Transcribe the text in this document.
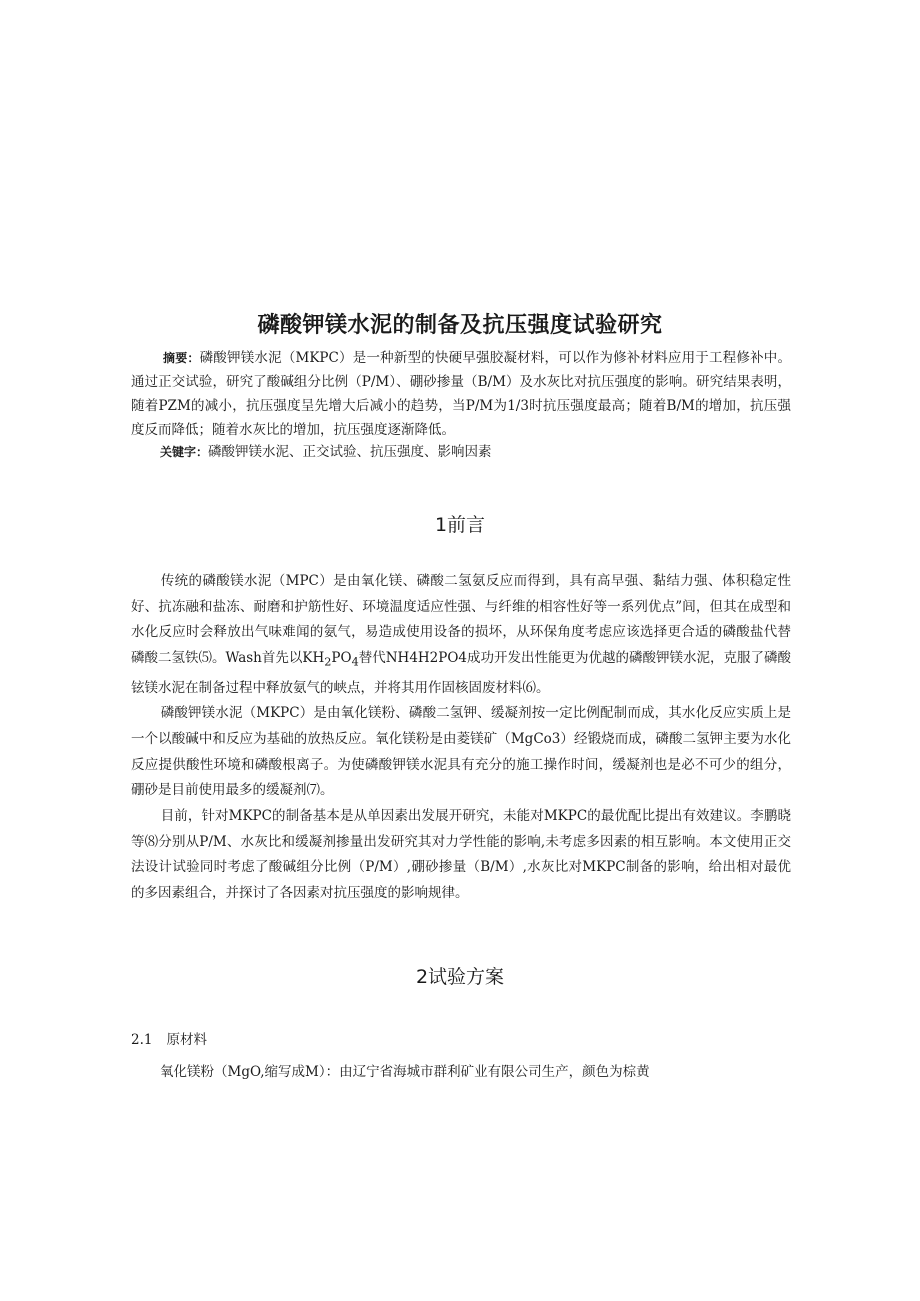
磷酸钾镁水泥的制备及抗压强度试验研究
摘要：磷酸钾镁水泥（MKPC）是一种新型的快硬早强胶凝材料，可以作为修补材料应用于工程修补中。通过正交试验，研究了酸碱组分比例（P/M）、硼砂掺量（B/M）及水灰比对抗压强度的影响。研究结果表明，随着PZM的减小，抗压强度呈先增大后减小的趋势，当P/M为1/3时抗压强度最高；随着B/M的增加，抗压强度反而降低；随着水灰比的增加，抗压强度逐渐降低。
关键字：磷酸钾镁水泥、正交试验、抗压强度、影响因素
1前言

传统的磷酸镁水泥（MPC）是由氧化镁、磷酸二氢氨反应而得到，具有高早强、黏结力强、体积稳定性好、抗冻融和盐冻、耐磨和护筋性好、环境温度适应性强、与纤维的相容性好等一系列优点”闾，但其在成型和水化反应时会释放出气味难闻的氨气，易造成使用设备的损坏，从环保角度考虑应该选择更合适的磷酸盐代替磷酸二氢铁⑸。Wash首先以$KH_2PO_4$替代NH4H2PO4成功开发出性能更为优越的磷酸钾镁水泥，克服了磷酸铉镁水泥在制备过程中释放氨气的峡点，并将其用作固核固废材料⑹。

磷酸钾镁水泥（MKPC）是由氧化镁粉、磷酸二氢钾、缓凝剂按一定比例配制而成，其水化反应实质上是一个以酸碱中和反应为基础的放热反应。氧化镁粉是由菱镁矿（MgCo3）经锻烧而成，磷酸二氢钾主要为水化反应提供酸性环境和磷酸根离子。为使磷酸钾镁水泥具有充分的施工操作时间，缓凝剂也是必不可少的组分，硼砂是目前使用最多的缓凝剂⑺。

目前，针对MKPC的制备基本是从单因素出发展开研究，未能对MKPC的最优配比提出有效建议。李鹏晓等⑻分别从P/M、水灰比和缓凝剂掺量出发研究其对力学性能的影响,未考虑多因素的相互影响。本文使用正交法设计试验同时考虑了酸碱组分比例（P/M）,硼砂掺量（B/M）,水灰比对MKPC制备的影响，给出相对最优的多因素组合，并探讨了各因素对抗压强度的影响规律。

2试验方案
2.1 原材料
氧化镁粉（MgO,缩写成M）：由辽宁省海城市群利矿业有限公司生产，颜色为棕黄
